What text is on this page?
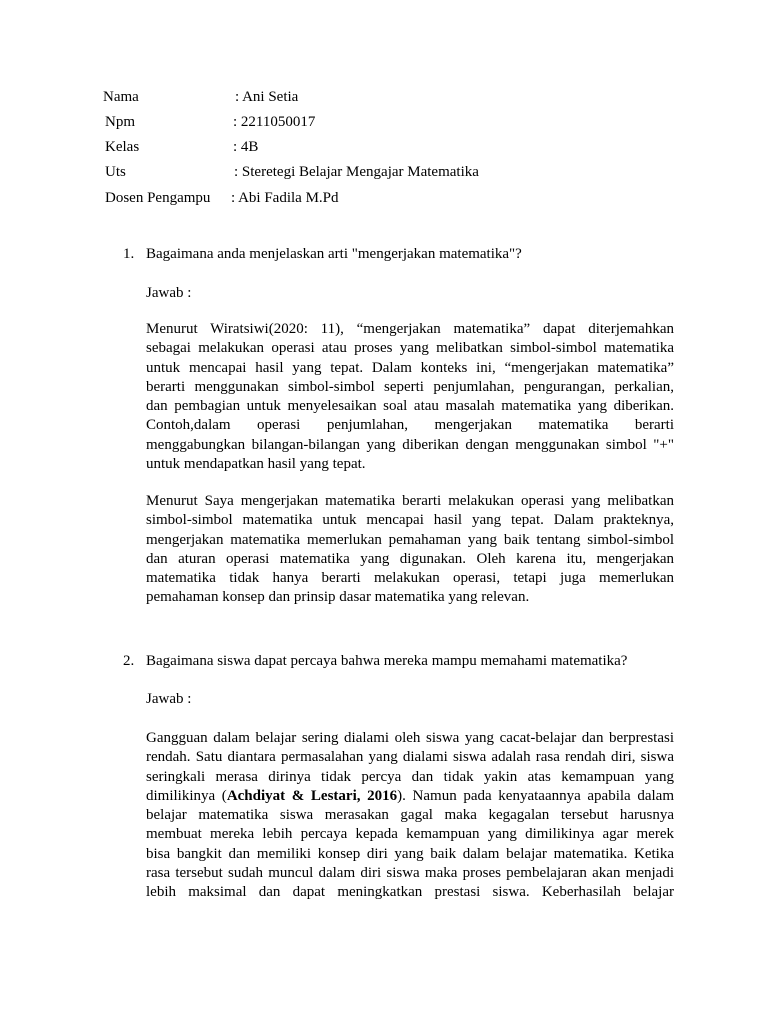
Nama	: Ani Setia
Npm	: 2211050017
Kelas	: 4B
Uts	: Steretegi Belajar Mengajar Matematika
Dosen Pengampu : Abi Fadila M.Pd
1. Bagaimana anda menjelaskan arti "mengerjakan matematika"?
Jawab :
Menurut Wiratsiwi(2020: 11), “mengerjakan matematika” dapat diterjemahkan
sebagai melakukan operasi atau proses yang melibatkan simbol-simbol matematika
untuk mencapai hasil yang tepat. Dalam konteks ini, “mengerjakan matematika”
berarti menggunakan simbol-simbol seperti penjumlahan, pengurangan, perkalian,
dan pembagian untuk menyelesaikan soal atau masalah matematika yang diberikan.
Contoh,dalam operasi penjumlahan, mengerjakan matematika berarti
menggabungkan bilangan-bilangan yang diberikan dengan menggunakan simbol "+"
untuk mendapatkan hasil yang tepat.
Menurut Saya mengerjakan matematika berarti melakukan operasi yang melibatkan
simbol-simbol matematika untuk mencapai hasil yang tepat. Dalam prakteknya,
mengerjakan matematika memerlukan pemahaman yang baik tentang simbol-simbol
dan aturan operasi matematika yang digunakan. Oleh karena itu, mengerjakan
matematika tidak hanya berarti melakukan operasi, tetapi juga memerlukan
pemahaman konsep dan prinsip dasar matematika yang relevan.
2. Bagaimana siswa dapat percaya bahwa mereka mampu memahami matematika?
Jawab :
Gangguan dalam belajar sering dialami oleh siswa yang cacat-belajar dan berprestasi
rendah. Satu diantara permasalahan yang dialami siswa adalah rasa rendah diri, siswa
seringkali merasa dirinya tidak percya dan tidak yakin atas kemampuan yang
dimilikinya (Achdiyat & Lestari, 2016). Namun pada kenyataannya apabila dalam
belajar matematika siswa merasakan gagal maka kegagalan tersebut harusnya
membuat mereka lebih percaya kepada kemampuan yang dimilikinya agar merek
bisa bangkit dan memiliki konsep diri yang baik dalam belajar matematika. Ketika
rasa tersebut sudah muncul dalam diri siswa maka proses pembelajaran akan menjadi
lebih maksimal dan dapat meningkatkan prestasi siswa. Keberhasilah belajar
